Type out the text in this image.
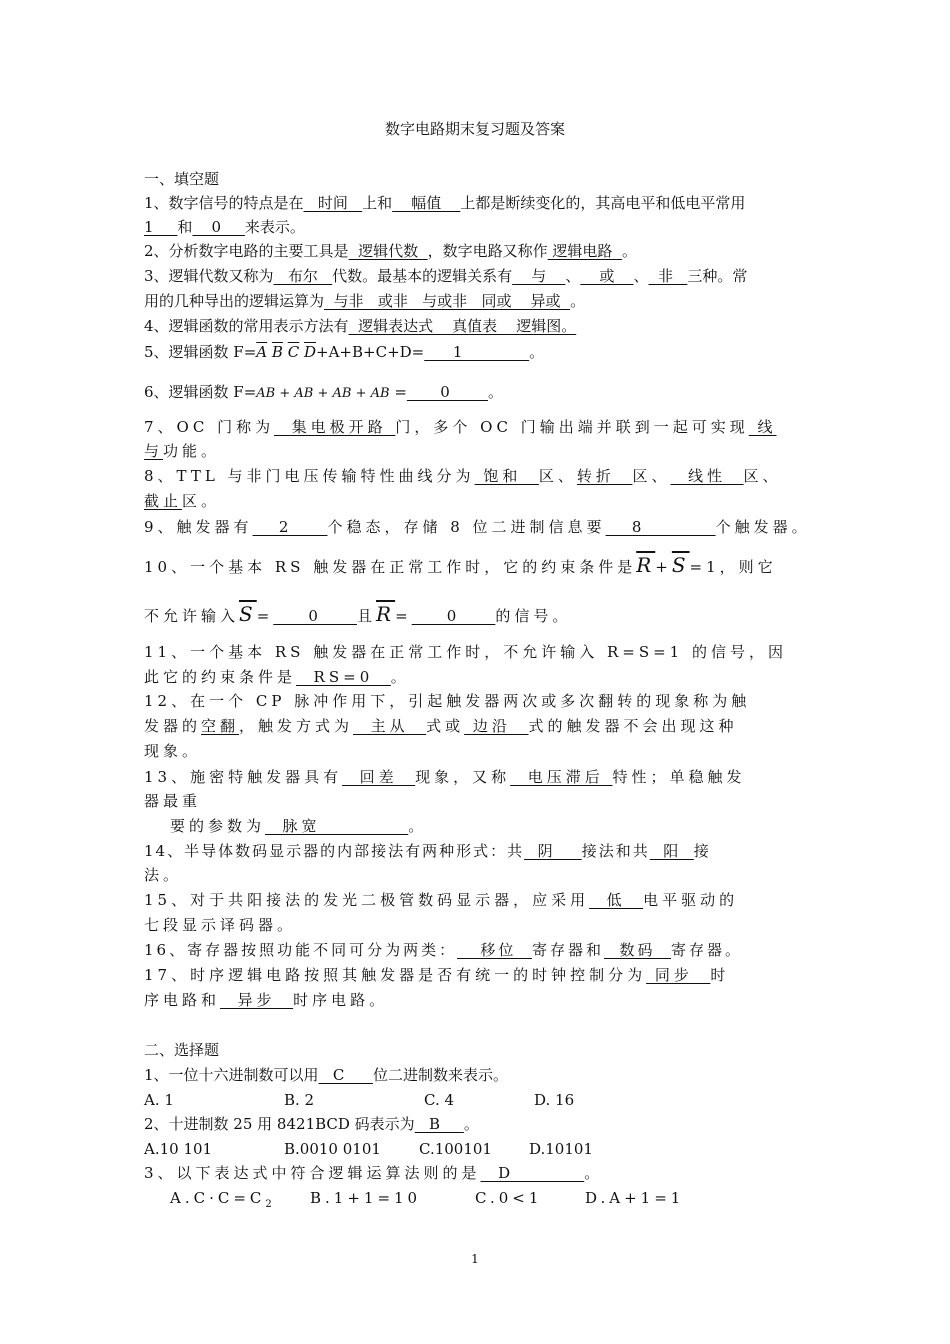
数字电路期末复习题及答案
一、填空题
1、数字信号的特点是在   时间   上和    幅值    上都是断续变化的，其高电平和低电平常用
1     和    0     来表示。
2、分析数字电路的主要工具是  逻辑代数  ，数字电路又称作 逻辑电路  。
3、逻辑代数又称为   布尔   代数。最基本的逻辑关系有    与    、    或    、  非   三种。常
用的几种导出的逻辑运算为  与非   或非   与或非   同或    异或  。
4、逻辑函数的常用表示方法有  逻辑表达式    真值表    逻辑图。
5、逻辑函数 $F=\overline{A}$ $\overline{B}$ $\overline{C}$ $\overline{D}+A+B+C+D=$      1              。
6、逻辑函数 F=AB + AB + AB + AB =       0        。
7、OC 门称为  集电极开路 门，多个 OC 门输出端并联到一起可实现 线
与功能。
8、TTL 与非门电压传输特性曲线分为 饱和  区、转折  区、  线性  区、
截止区。
9、触发器有   2    个稳态，存储 8 位二进制信息要   8        个触发器。
10、一个基本 RS 触发器在正常工作时，它的约束条件是$\overline{R}+\overline{S}=1$，则它
不允许输入$\overline{S}=$    0    且$\overline{R}=$    0    的信号。
11、一个基本 RS 触发器在正常工作时，不允许输入 R=S=1 的信号，因
此它的约束条件是  RS=0  。
12、在一个 CP 脉冲作用下，引起触发器两次或多次翻转的现象称为触
发器的空翻，触发方式为  主从  式或 边沿  式的触发器不会出现这种
现象。
13、施密特触发器具有  回差  现象，又称  电压滞后 特性；单稳触发
器最重
要的参数为  脉宽          。
14、半导体数码显示器的内部接法有两种形式：共  阴    接法和共  阳  接
法。
15、对于共阳接法的发光二极管数码显示器，应采用  低  电平驱动的
七段显示译码器。
16、寄存器按照功能不同可分为两类：   移位  寄存器和  数码  寄存器。
17、时序逻辑电路按照其触发器是否有统一的时钟控制分为 同步  时
序电路和  异步  时序电路。
二、选择题
1、一位十六进制数可以用   C      位二进制数来表示。
A. 1	B. 2	C. 4	D. 16
2、十进制数 25 用 8421BCD 码表示为   B     。
A.10 101	B.0010 0101	C.100101 D.10101
3、以下表达式中符合逻辑运算法则的是  D        。
$A.C\cdot C=C_2$ B.1+1=10	C.0<1	D.A+1=1
1
